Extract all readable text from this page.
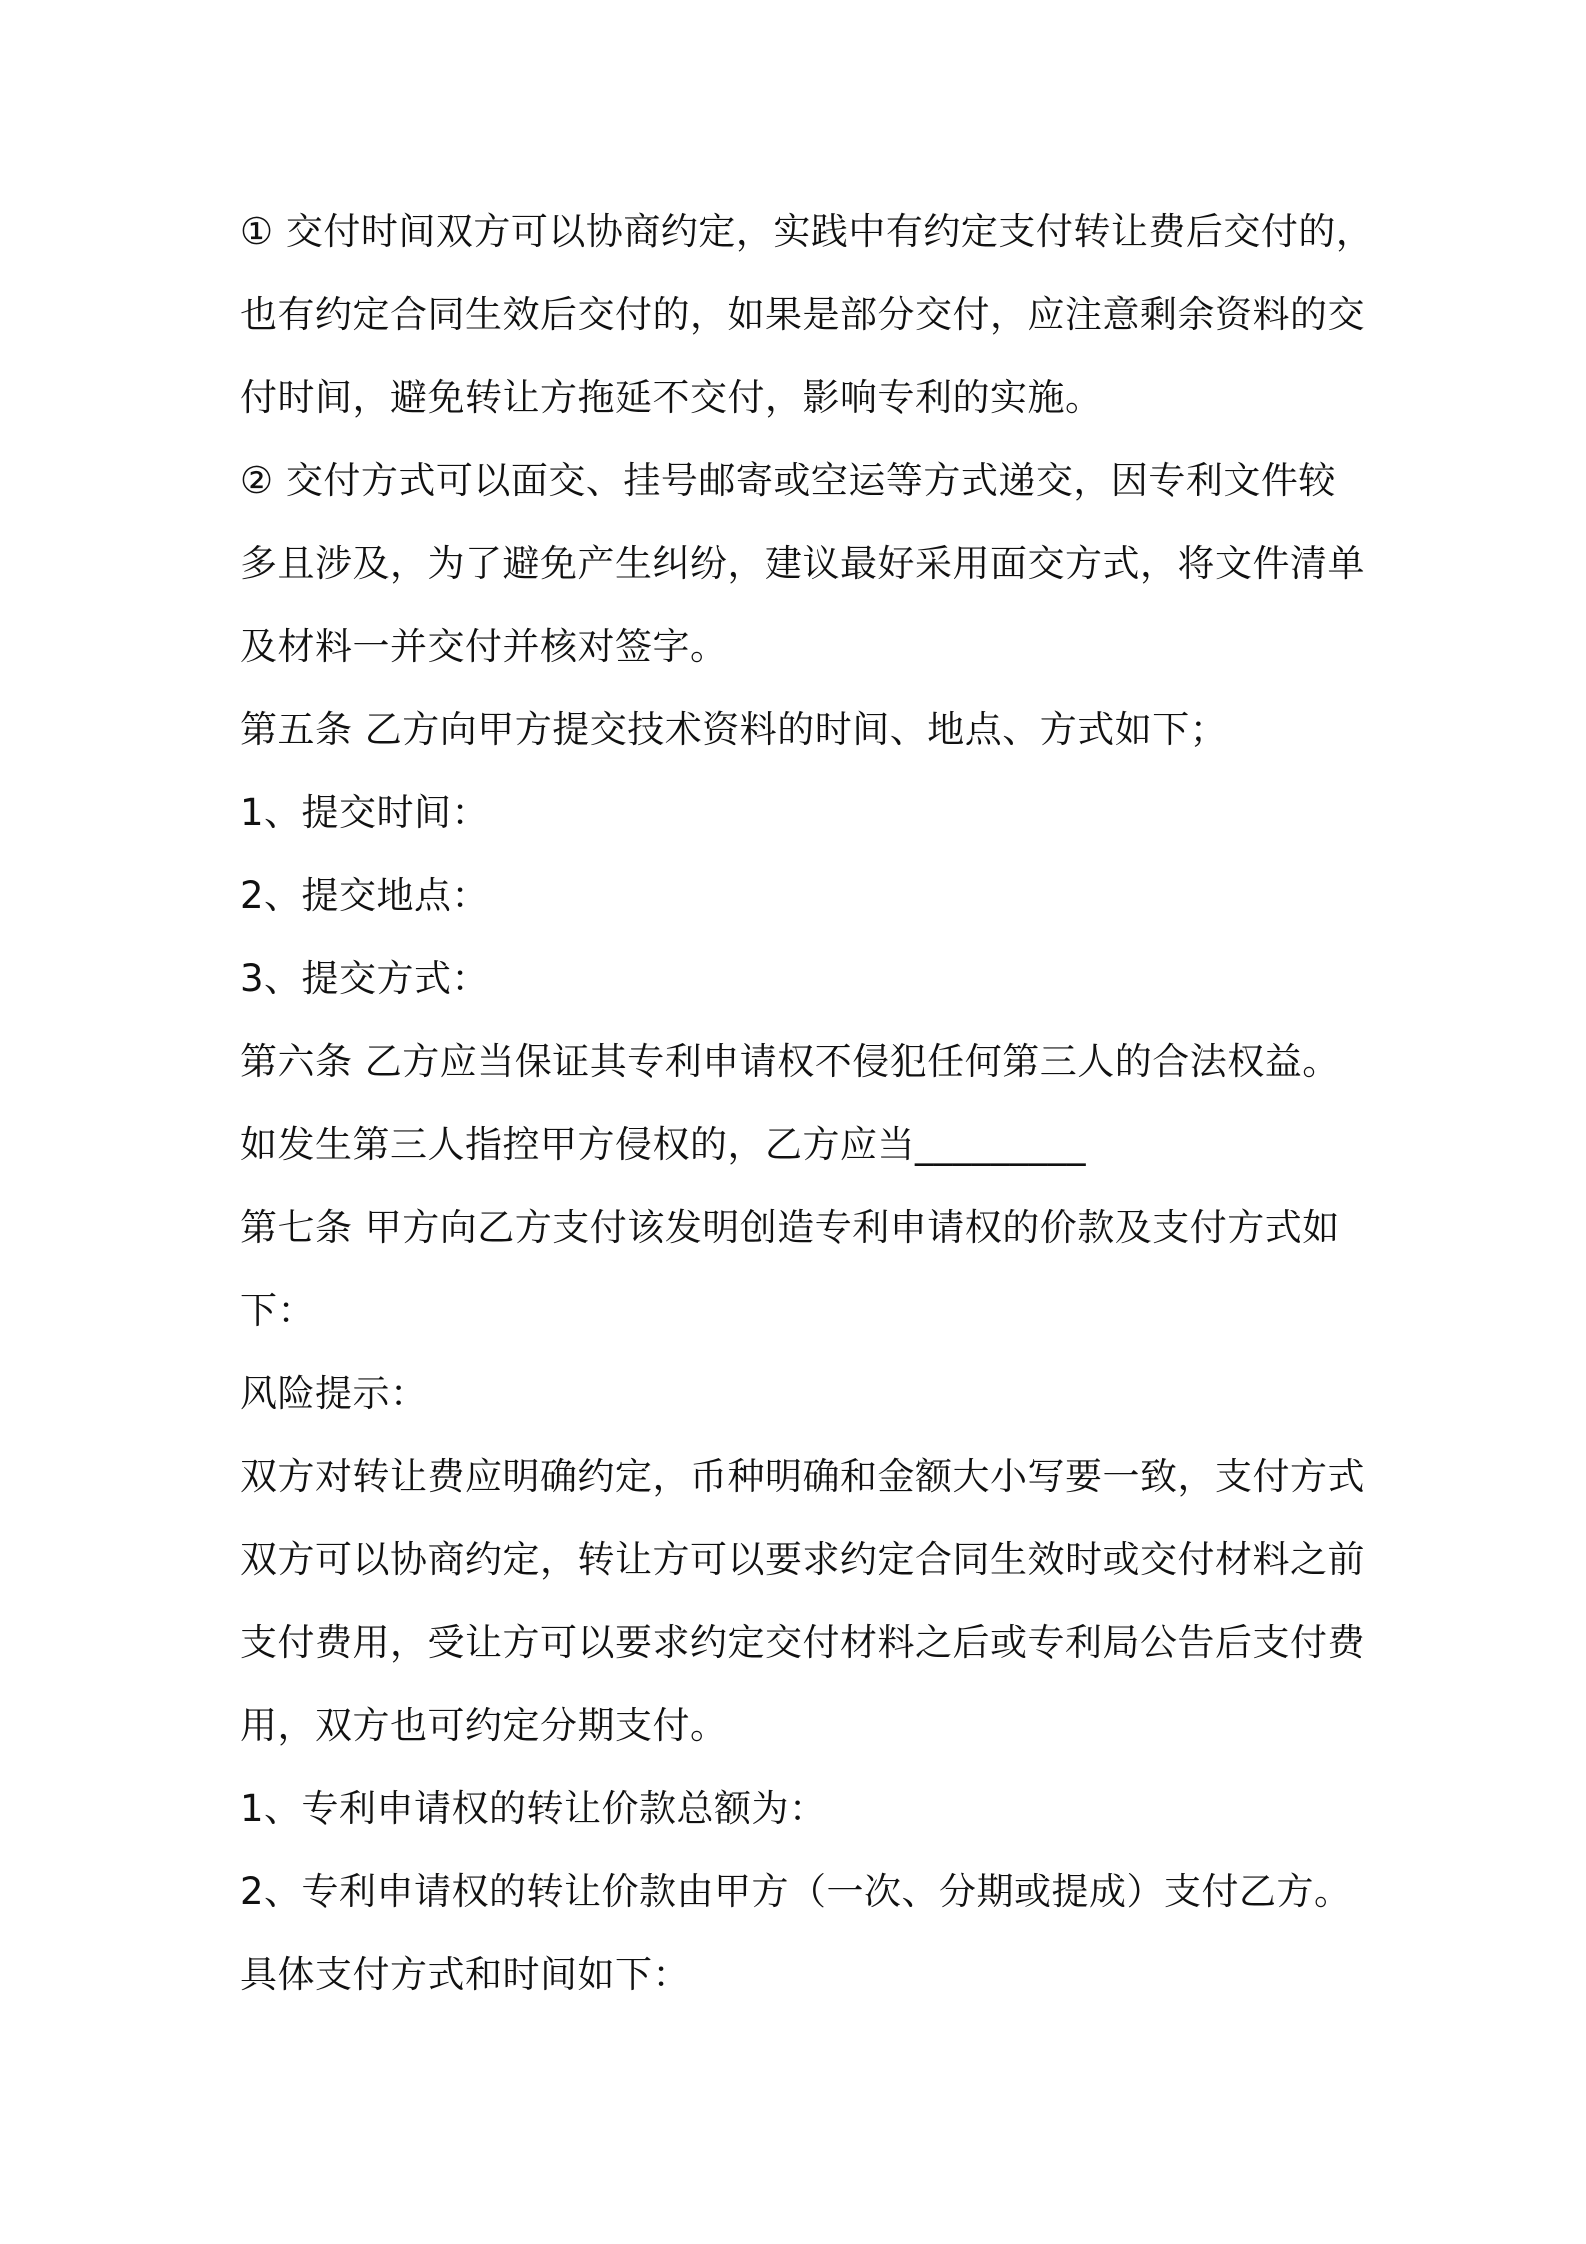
① 交付时间双方可以协商约定，实践中有约定支付转让费后交付的，
也有约定合同生效后交付的，如果是部分交付，应注意剩余资料的交
付时间，避免转让方拖延不交付，影响专利的实施。
② 交付方式可以面交、挂号邮寄或空运等方式递交，因专利文件较
多且涉及，为了避免产生纠纷，建议最好采用面交方式，将文件清单
及材料一并交付并核对签字。
第五条 乙方向甲方提交技术资料的时间、地点、方式如下；
1、提交时间：
2、提交地点：
3、提交方式：
第六条 乙方应当保证其专利申请权不侵犯任何第三人的合法权益。
如发生第三人指控甲方侵权的，乙方应当_________
第七条 甲方向乙方支付该发明创造专利申请权的价款及支付方式如
下：
风险提示：
双方对转让费应明确约定，币种明确和金额大小写要一致，支付方式
双方可以协商约定，转让方可以要求约定合同生效时或交付材料之前
支付费用，受让方可以要求约定交付材料之后或专利局公告后支付费
用，双方也可约定分期支付。
1、专利申请权的转让价款总额为：
2、专利申请权的转让价款由甲方（一次、分期或提成）支付乙方。
具体支付方式和时间如下：
